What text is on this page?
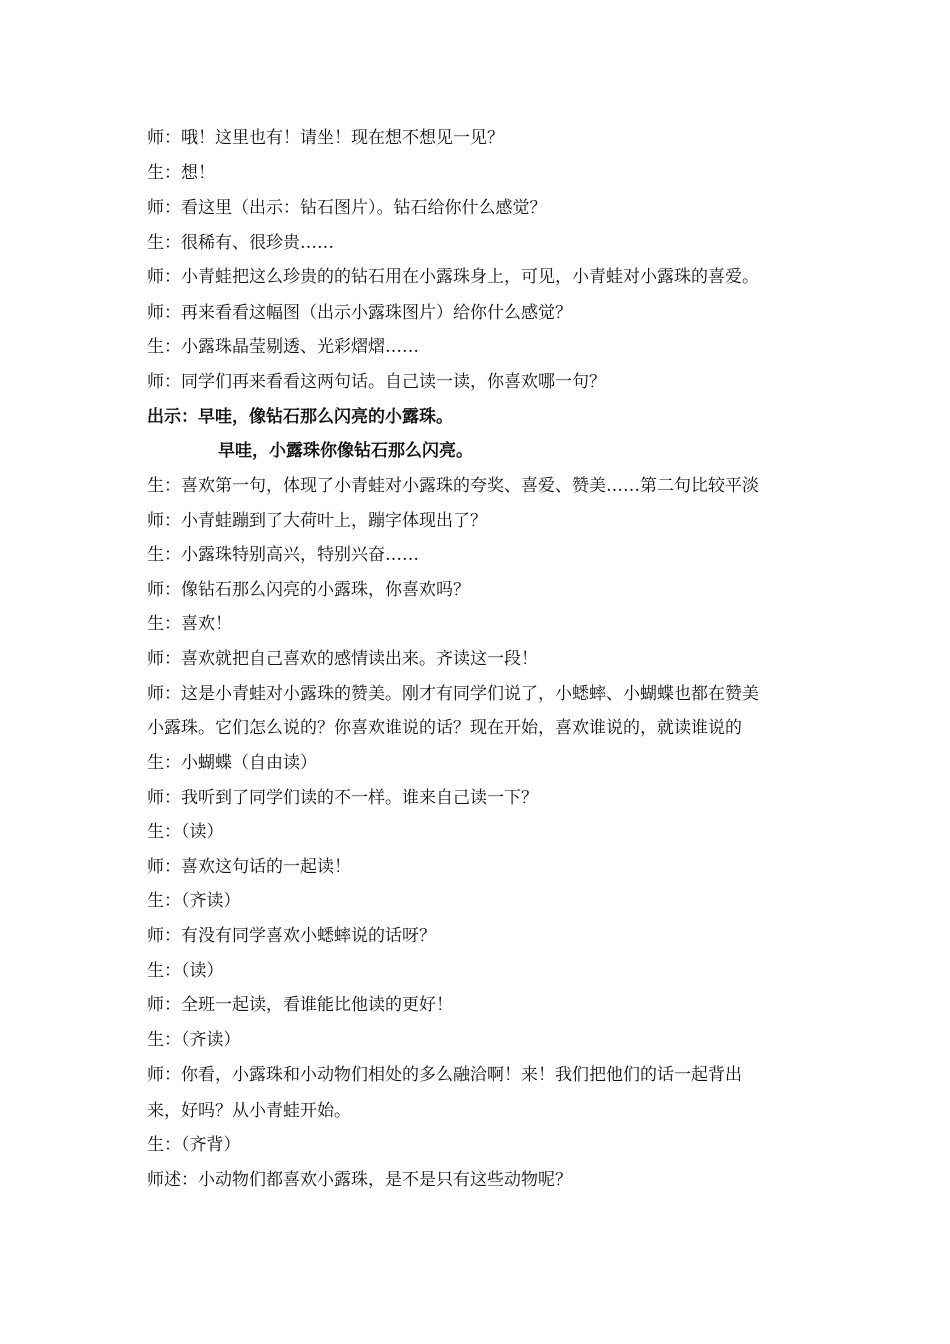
师：哦！这里也有！请坐！现在想不想见一见？
生：想！
师：看这里（出示：钻石图片）。钻石给你什么感觉？
生：很稀有、很珍贵……
师：小青蛙把这么珍贵的的钻石用在小露珠身上，可见，小青蛙对小露珠的喜爱。
师：再来看看这幅图（出示小露珠图片）给你什么感觉？
生：小露珠晶莹剔透、光彩熠熠……
师：同学们再来看看这两句话。自己读一读，你喜欢哪一句？
出示：早哇，像钻石那么闪亮的小露珠。
早哇，小露珠你像钻石那么闪亮。
生：喜欢第一句，体现了小青蛙对小露珠的夸奖、喜爱、赞美……第二句比较平淡
师：小青蛙蹦到了大荷叶上，蹦字体现出了？
生：小露珠特别高兴，特别兴奋……
师：像钻石那么闪亮的小露珠，你喜欢吗？
生：喜欢！
师：喜欢就把自己喜欢的感情读出来。齐读这一段！
师：这是小青蛙对小露珠的赞美。刚才有同学们说了，小蟋蟀、小蝴蝶也都在赞美
小露珠。它们怎么说的？你喜欢谁说的话？现在开始，喜欢谁说的，就读谁说的
生：小蝴蝶（自由读）
师：我听到了同学们读的不一样。谁来自己读一下？
生：（读）
师：喜欢这句话的一起读！
生：（齐读）
师：有没有同学喜欢小蟋蟀说的话呀？
生：（读）
师：全班一起读，看谁能比他读的更好！
生：（齐读）
师：你看，小露珠和小动物们相处的多么融洽啊！来！我们把他们的话一起背出
来，好吗？从小青蛙开始。
生：（齐背）
师述：小动物们都喜欢小露珠，是不是只有这些动物呢？
